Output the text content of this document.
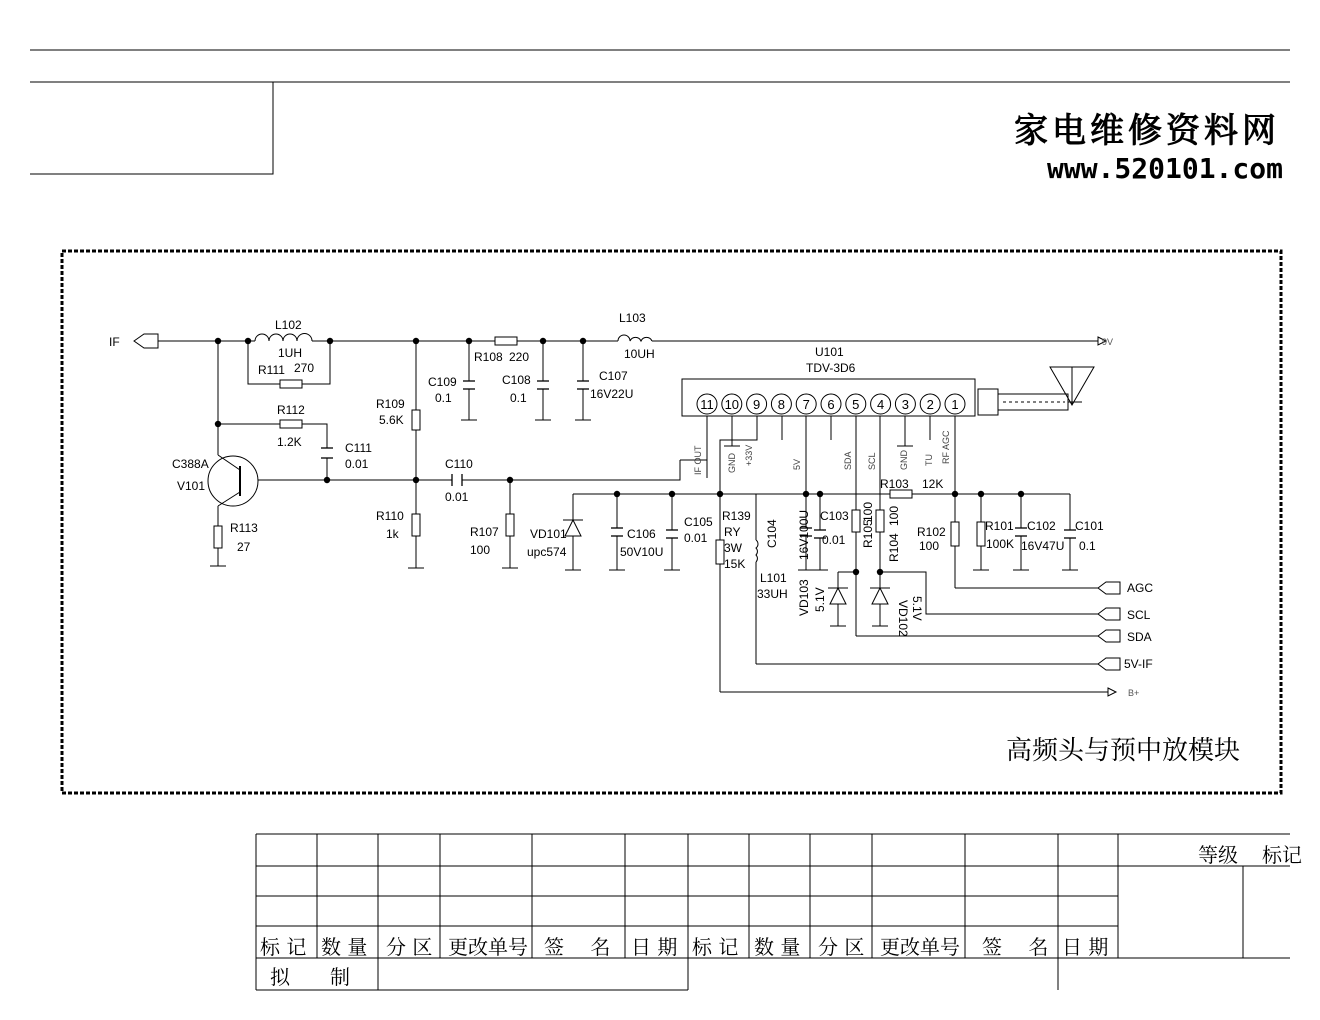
家电维修资料网
www.520101.com
11 10 9 8 7 6 5 4 3 2 1
IF
L102
1UH
R111 270
R112
1.2K	C111
0.01
C388A
V101
R113
27
R109
5.6K
R110
1k
C110
0.01
R107
100
C109
0.1
R108 220
C108
0.1
C107
16V22U
L103
10UH
9V
U101
TDV-3D6
VD101
upc574
C106
50V10U
C105
0.01
R139
RY
3W
15K
L101
33UH
C103
0.01
R103 12K
R102
100
R101
100K
C102
16V47U
C101
0.1
C104 16V100U	R105
100
R104
100
VD103 5.1V
VD102 5.1V
AGC
SCL
SDA
5V-IF
B+
IF OUT	GND +33V	5V	SDA SCL GND TU RF AGC
高频头与预中放模块
等级 标记
标 记 数 量 分 区 更改单号 签　 名 日 期 标 记 数 量 分 区 更改单号 签　 名 日 期
拟　　制
